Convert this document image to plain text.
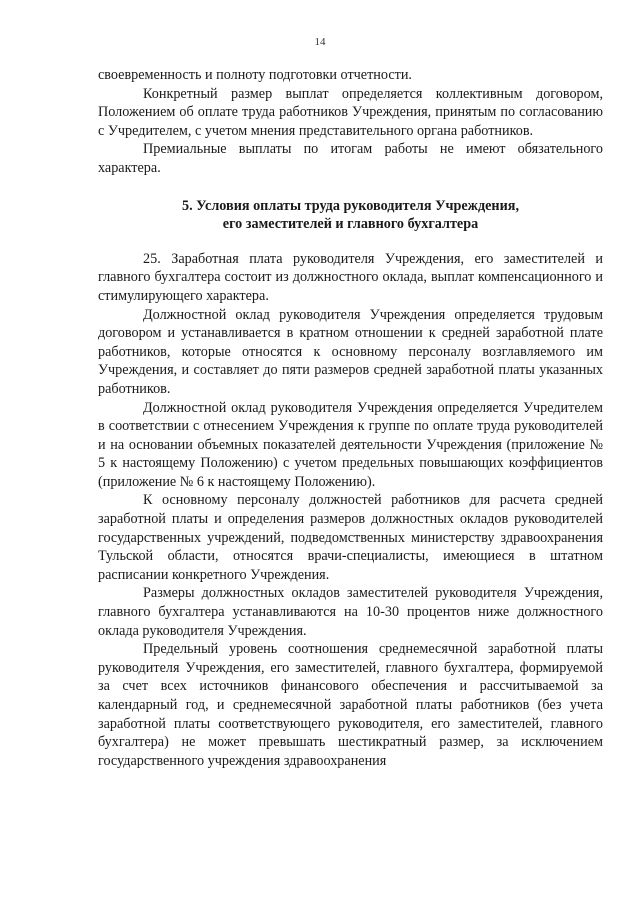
14

своевременность и полноту подготовки отчетности.

Конкретный размер выплат определяется коллективным договором, Положением об оплате труда работников Учреждения, принятым по согласованию с Учредителем, с учетом мнения представительного органа работников.

Премиальные выплаты по итогам работы не имеют обязательного характера.

5. Условия оплаты труда руководителя Учреждения,
его заместителей и главного бухгалтера

25. Заработная плата руководителя Учреждения, его заместителей и главного бухгалтера состоит из должностного оклада, выплат компенсационного и стимулирующего характера.

Должностной оклад руководителя Учреждения определяется трудовым договором и устанавливается в кратном отношении к средней заработной плате работников, которые относятся к основному персоналу возглавляемого им Учреждения, и составляет до пяти размеров средней заработной платы указанных работников.

Должностной оклад руководителя Учреждения определяется Учредителем в соответствии с отнесением Учреждения к группе по оплате труда руководителей и на основании объемных показателей деятельности Учреждения (приложение № 5 к настоящему Положению) с учетом предельных повышающих коэффициентов (приложение № 6 к настоящему Положению).

К основному персоналу должностей работников для расчета средней заработной платы и определения размеров должностных окладов руководителей государственных учреждений, подведомственных министерству здравоохранения Тульской области, относятся врачи-специалисты, имеющиеся в штатном расписании конкретного Учреждения.

Размеры должностных окладов заместителей руководителя Учреждения, главного бухгалтера устанавливаются на 10-30 процентов ниже должностного оклада руководителя Учреждения.

Предельный уровень соотношения среднемесячной заработной платы руководителя Учреждения, его заместителей, главного бухгалтера, формируемой за счет всех источников финансового обеспечения и рассчитываемой за календарный год, и среднемесячной заработной платы работников (без учета заработной платы соответствующего руководителя, его заместителей, главного бухгалтера) не может превышать шестикратный размер, за исключением государственного учреждения здравоохранения
